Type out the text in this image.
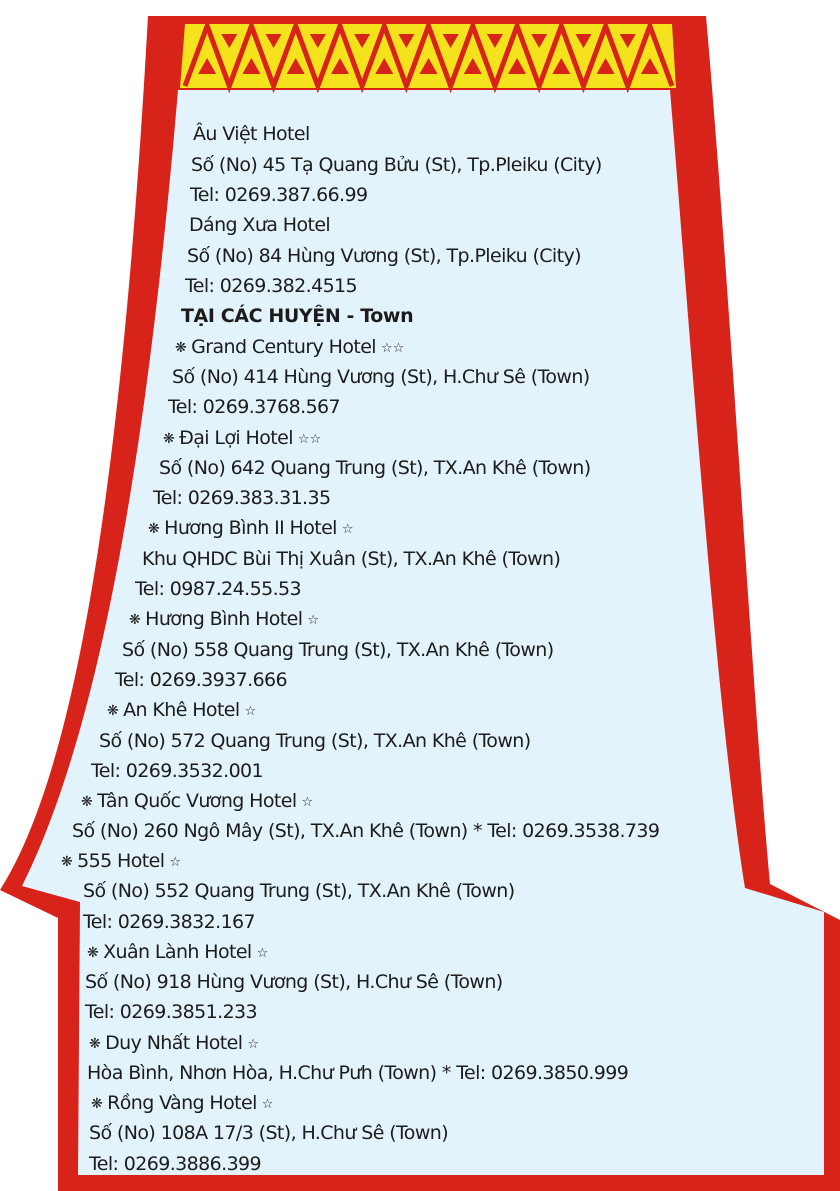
Âu Việt Hotel
Số (No) 45 Tạ Quang Bửu (St), Tp.Pleiku (City)
Tel: 0269.387.66.99
Dáng Xưa Hotel
Số (No) 84 Hùng Vương (St), Tp.Pleiku (City)
Tel: 0269.382.4515
TẠI CÁC HUYỆN - Town
❋ Grand Century Hotel ☆☆
Số (No) 414 Hùng Vương (St), H.Chư Sê (Town)
Tel: 0269.3768.567
❋ Đại Lợi Hotel ☆☆
Số (No) 642 Quang Trung (St), TX.An Khê (Town)
Tel: 0269.383.31.35
❋ Hương Bình II Hotel ☆
Khu QHDC Bùi Thị Xuân (St), TX.An Khê (Town)
Tel: 0987.24.55.53
❋ Hương Bình Hotel ☆
Số (No) 558 Quang Trung (St), TX.An Khê (Town)
Tel: 0269.3937.666
❋ An Khê Hotel ☆
Số (No) 572 Quang Trung (St), TX.An Khê (Town)
Tel: 0269.3532.001
❋ Tân Quốc Vương Hotel ☆
Số (No) 260 Ngô Mây (St), TX.An Khê (Town) * Tel: 0269.3538.739
❋ 555 Hotel ☆
Số (No) 552 Quang Trung (St), TX.An Khê (Town)
Tel: 0269.3832.167
❋ Xuân Lành Hotel ☆
Số (No) 918 Hùng Vương (St), H.Chư Sê (Town)
Tel: 0269.3851.233
❋ Duy Nhất Hotel ☆
Hòa Bình, Nhơn Hòa, H.Chư Pưh (Town) * Tel: 0269.3850.999
❋ Rồng Vàng Hotel ☆
Số (No) 108A 17/3 (St), H.Chư Sê (Town)
Tel: 0269.3886.399
